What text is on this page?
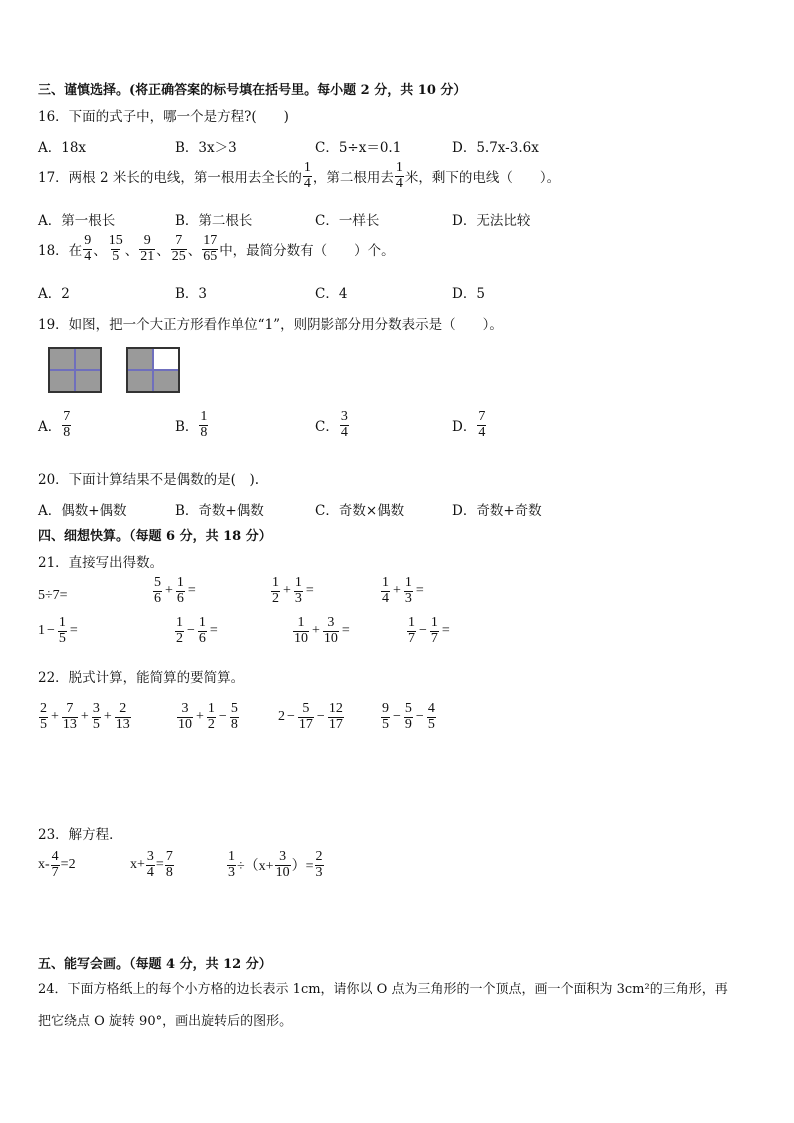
三、谨慎选择。(将正确答案的标号填在括号里。每小题 2 分，共 10 分）
16．下面的式子中，哪一个是方程?(　　)
A．18x	B．3x＞3	C．5÷x＝0.1	D．5.7x-3.6x
17．两根 2 米长的电线，第一根用去全长的 $\frac{1}{4}$ ，第二根用去 $\frac{1}{4}$ 米，剩下的电线（　　）。
A．第一根长	B．第二根长	C．一样长	D．无法比较
18．在 $\frac{9}{4}$ 、 $\frac{15}{5}$ 、 $\frac{9}{21}$ 、 $\frac{7}{25}$ 、 $\frac{17}{65}$ 中，最简分数有（　　）个。
A．2	B．3	C．4	D．5
19．如图，把一个大正方形看作单位“1”，则阴影部分用分数表示是（　　）。
A． $\frac{7}{8}$	B． $\frac{1}{8}$	C． $\frac{3}{4}$	D． $\frac{7}{4}$
20．下面计算结果不是偶数的是(　).
A．偶数+偶数	B．奇数+偶数	C．奇数×偶数	D．奇数+奇数
四、细想快算。（每题 6 分，共 18 分）
21．直接写出得数。
5÷7=	$\frac{5}{6} + \frac{1}{6}$ =	$\frac{1}{2} + \frac{1}{3}$ =	$\frac{1}{4} + \frac{1}{3}$ =
$1 - \frac{1}{5}$ =	$\frac{1}{2} - \frac{1}{6}$ =	$\frac{1}{10} + \frac{3}{10}$ =	$\frac{1}{7} - \frac{1}{7}$ =
22．脱式计算，能简算的要简算。
$\frac{2}{5} + \frac{7}{13} + \frac{3}{5} + \frac{2}{13}$	$\frac{3}{10} + \frac{1}{2} - \frac{5}{8}$	$2 - \frac{5}{17} - \frac{12}{17}$	$\frac{9}{5} - \frac{5}{9} - \frac{4}{5}$
23．解方程．
$x- \frac{4}{7} =2$	$x+ \frac{3}{4} = \frac{7}{8}$	$\frac{1}{3} \div(x+ \frac{3}{10}$ ）= $\frac{2}{3}$
五、能写会画。（每题 4 分，共 12 分）
24．下面方格纸上的每个小方格的边长表示 1cm，请你以 O 点为三角形的一个顶点，画一个面积为 3cm²的三角形，再
把它绕点 O 旋转 90°，画出旋转后的图形。
